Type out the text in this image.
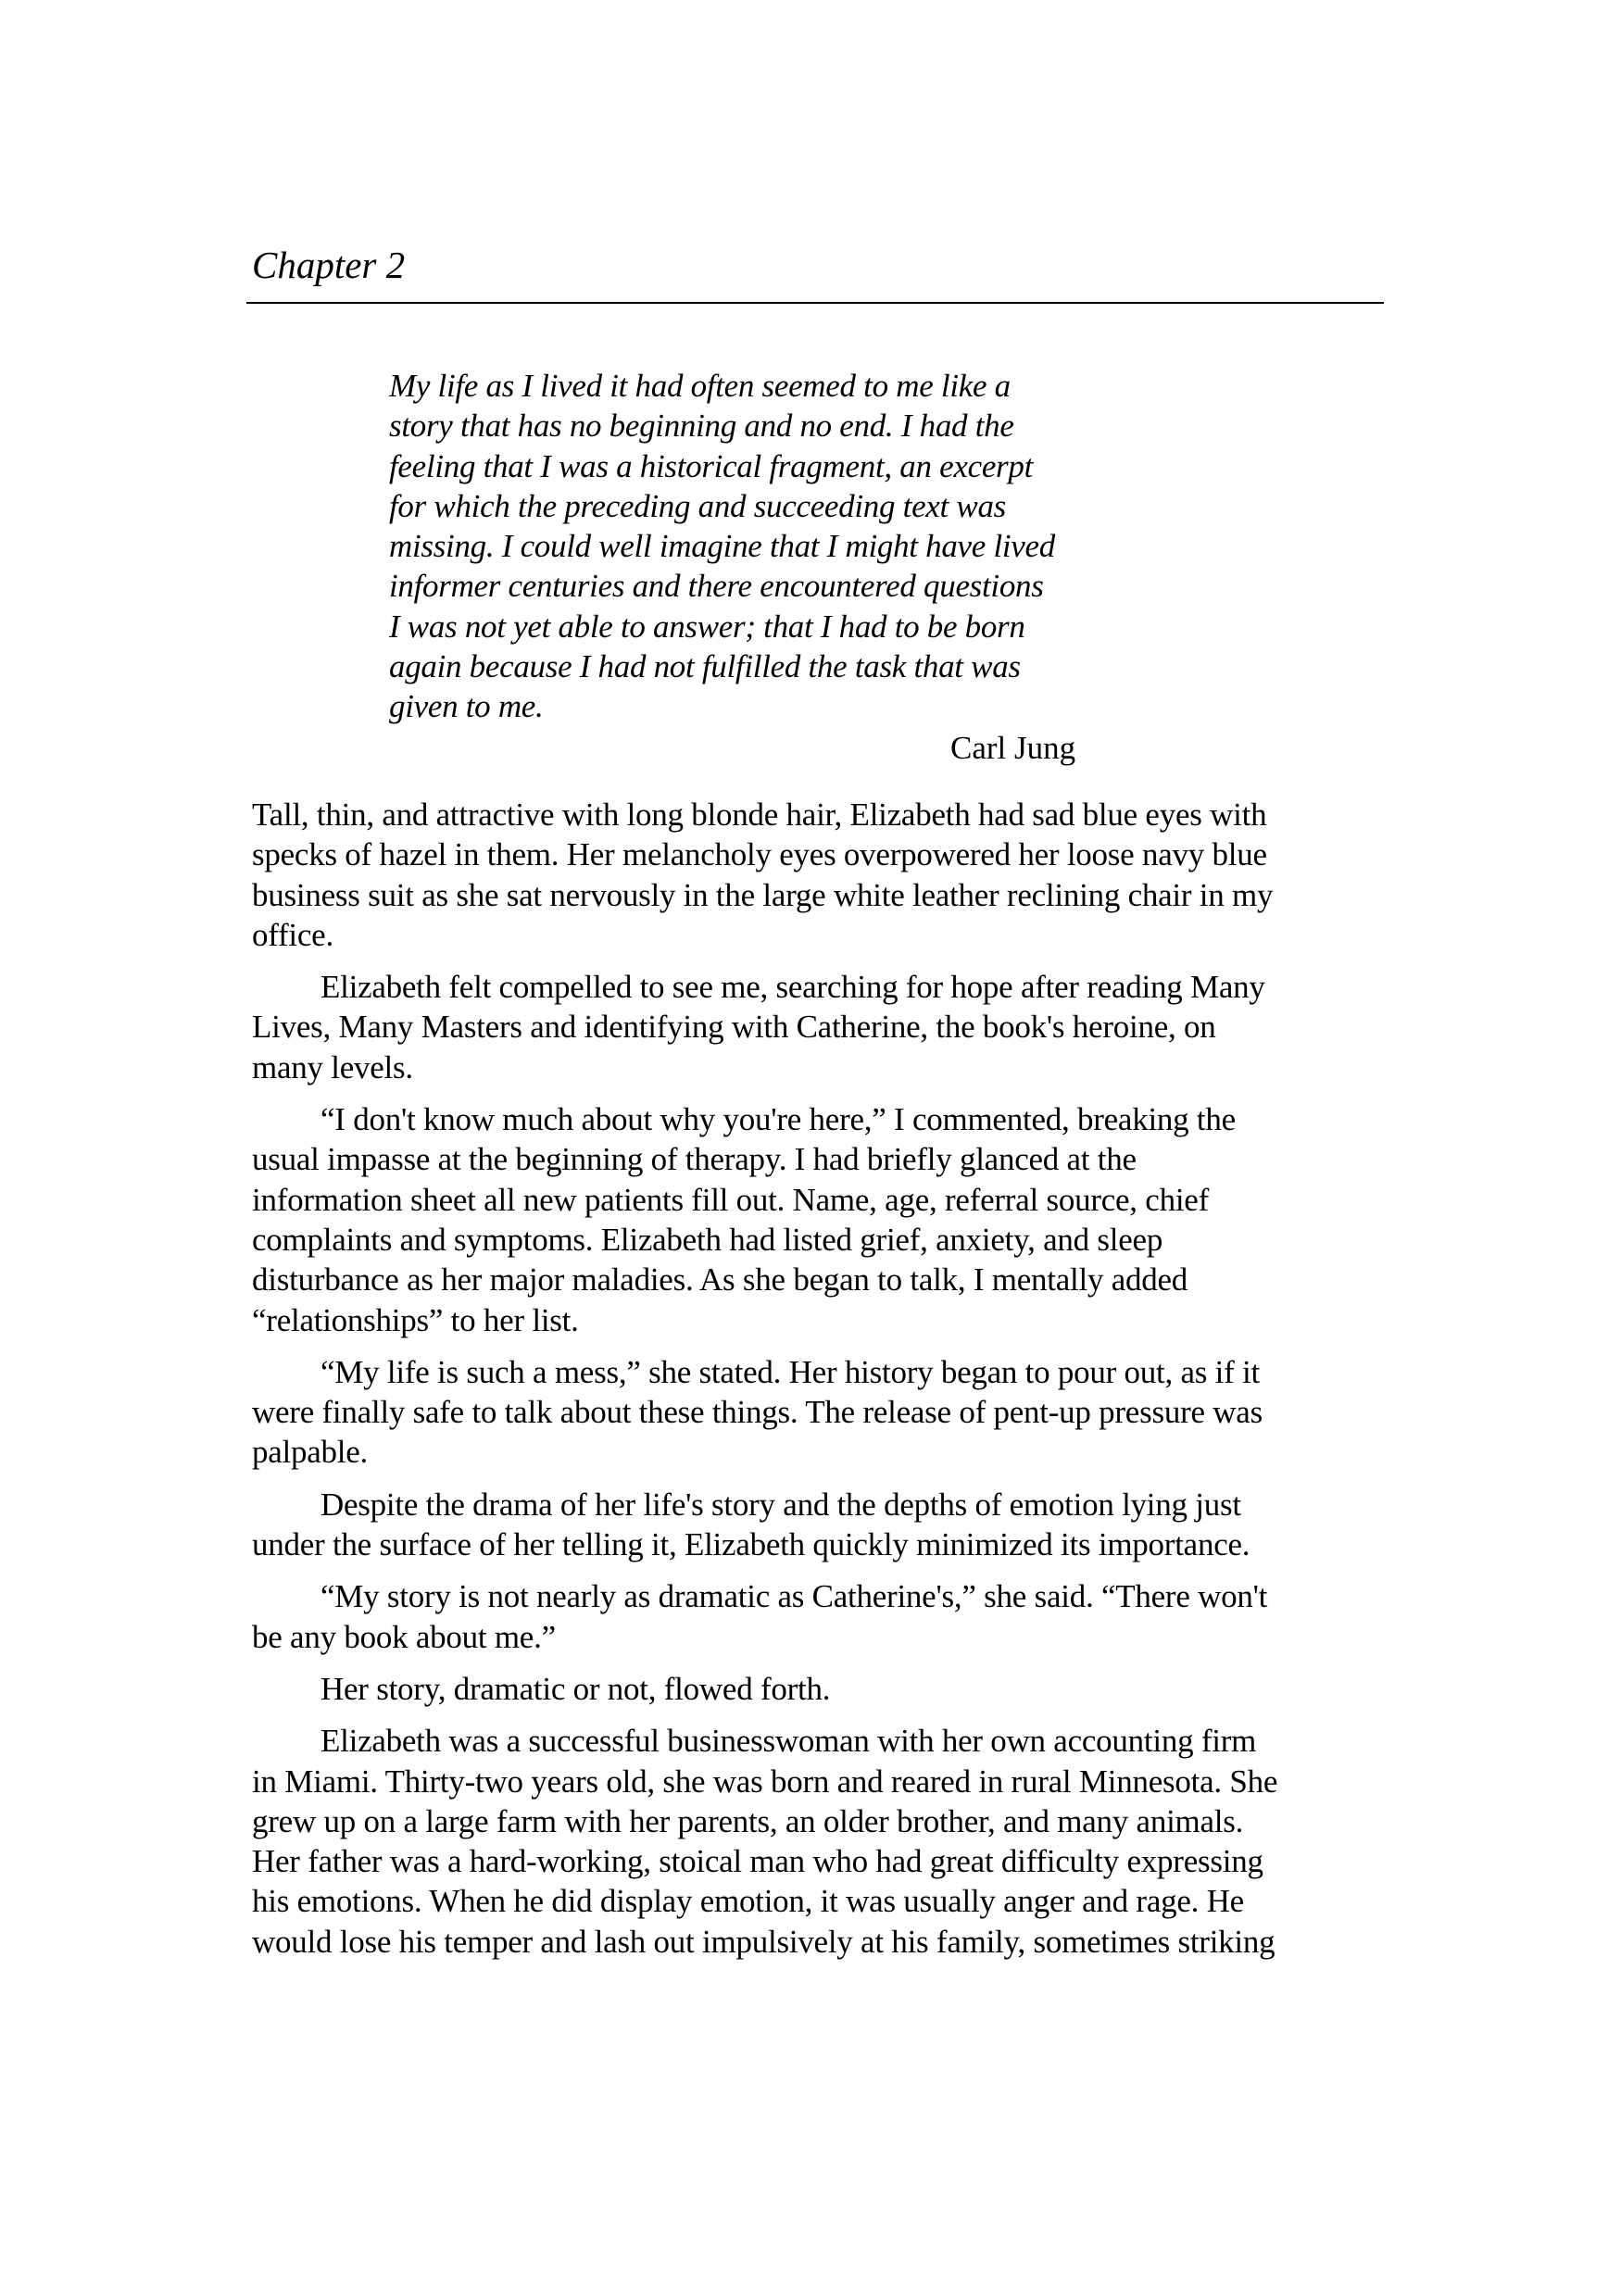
Chapter 2
My life as I lived it had often seemed to me like a
story that has no beginning and no end. I had the
feeling that I was a historical fragment, an excerpt
for which the preceding and succeeding text was
missing. I could well imagine that I might have lived
informer centuries and there encountered questions
I was not yet able to answer; that I had to be born
again because I had not fulfilled the task that was
given to me.
Carl Jung
Tall, thin, and attractive with long blonde hair, Elizabeth had sad blue eyes with
specks of hazel in them. Her melancholy eyes overpowered her loose navy blue
business suit as she sat nervously in the large white leather reclining chair in my
office.
Elizabeth felt compelled to see me, searching for hope after reading Many
Lives, Many Masters and identifying with Catherine, the book's heroine, on
many levels.
“I don't know much about why you're here,” I commented, breaking the
usual impasse at the beginning of therapy. I had briefly glanced at the
information sheet all new patients fill out. Name, age, referral source, chief
complaints and symptoms. Elizabeth had listed grief, anxiety, and sleep
disturbance as her major maladies. As she began to talk, I mentally added
“relationships” to her list.
“My life is such a mess,” she stated. Her history began to pour out, as if it
were finally safe to talk about these things. The release of pent-up pressure was
palpable.
Despite the drama of her life's story and the depths of emotion lying just
under the surface of her telling it, Elizabeth quickly minimized its importance.
“My story is not nearly as dramatic as Catherine's,” she said. “There won't
be any book about me.”
Her story, dramatic or not, flowed forth.
Elizabeth was a successful businesswoman with her own accounting firm
in Miami. Thirty-two years old, she was born and reared in rural Minnesota. She
grew up on a large farm with her parents, an older brother, and many animals.
Her father was a hard-working, stoical man who had great difficulty expressing
his emotions. When he did display emotion, it was usually anger and rage. He
would lose his temper and lash out impulsively at his family, sometimes striking
